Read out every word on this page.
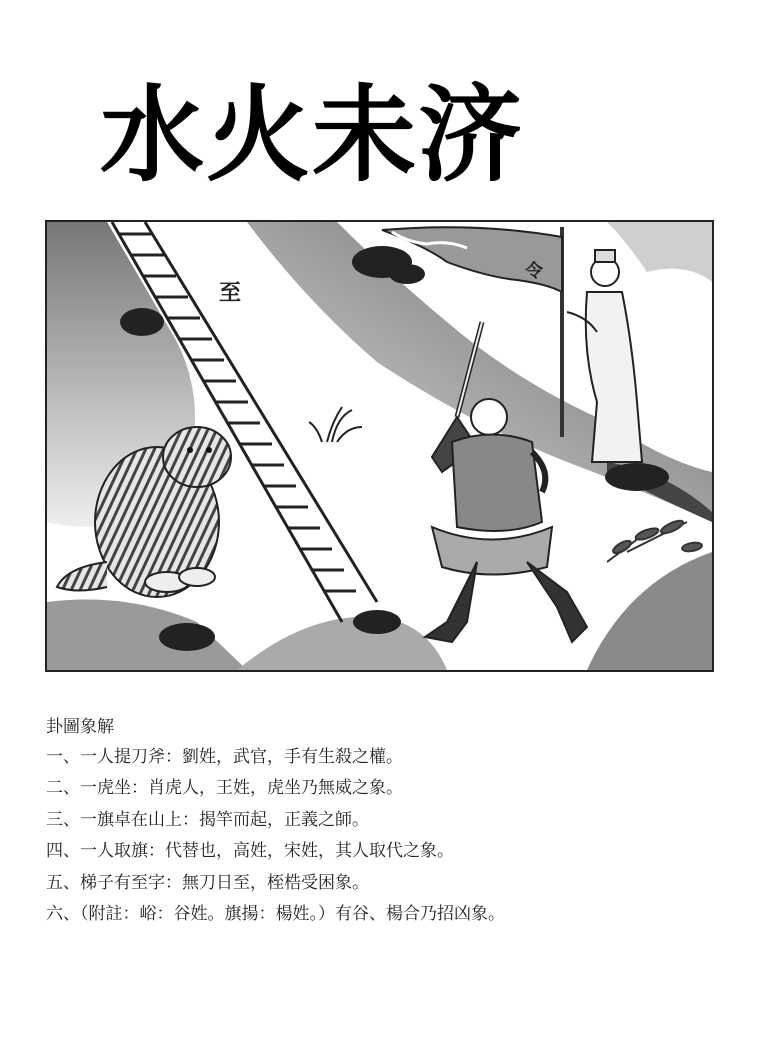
水火未济
至
令
卦圖象解
一、一人提刀斧：劉姓，武官，手有生殺之權。
二、一虎坐：肖虎人，王姓，虎坐乃無威之象。
三、一旗卓在山上：揭竿而起，正義之師。
四、一人取旗：代替也，高姓，宋姓，其人取代之象。
五、梯子有至字：無刀日至，桎梏受困象。
六、（附註：峪：谷姓。旗揚：楊姓。）有谷、楊合乃招凶象。
